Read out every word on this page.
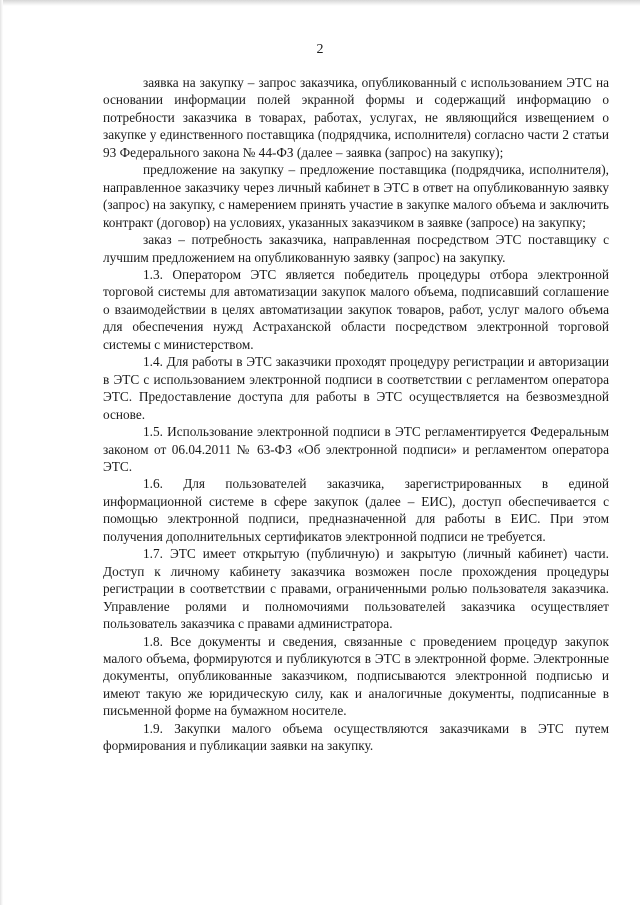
2

заявка на закупку – запрос заказчика, опубликованный с использованием ЭТС на основании информации полей экранной формы и содержащий информацию о потребности заказчика в товарах, работах, услугах, не являющийся извещением о закупке у единственного поставщика (подрядчика, исполнителя) согласно части 2 статьи 93 Федерального закона № 44-ФЗ (далее – заявка (запрос) на закупку);

предложение на закупку – предложение поставщика (подрядчика, исполнителя), направленное заказчику через личный кабинет в ЭТС в ответ на опубликованную заявку (запрос) на закупку, с намерением принять участие в закупке малого объема и заключить контракт (договор) на условиях, указанных заказчиком в заявке (запросе) на закупку;

заказ – потребность заказчика, направленная посредством ЭТС поставщику с лучшим предложением на опубликованную заявку (запрос) на закупку.

1.3. Оператором ЭТС является победитель процедуры отбора электронной торговой системы для автоматизации закупок малого объема, подписавший соглашение о взаимодействии в целях автоматизации закупок товаров, работ, услуг малого объема для обеспечения нужд Астраханской области посредством электронной торговой системы с министерством.

1.4. Для работы в ЭТС заказчики проходят процедуру регистрации и авторизации в ЭТС с использованием электронной подписи в соответствии с регламентом оператора ЭТС. Предоставление доступа для работы в ЭТС осуществляется на безвозмездной основе.

1.5. Использование электронной подписи в ЭТС регламентируется Федеральным законом от 06.04.2011 № 63-ФЗ «Об электронной подписи» и регламентом оператора ЭТС.

1.6. Для пользователей заказчика, зарегистрированных в единой информационной системе в сфере закупок (далее – ЕИС), доступ обеспечивается с помощью электронной подписи, предназначенной для работы в ЕИС. При этом получения дополнительных сертификатов электронной подписи не требуется.

1.7. ЭТС имеет открытую (публичную) и закрытую (личный кабинет) части. Доступ к личному кабинету заказчика возможен после прохождения процедуры регистрации в соответствии с правами, ограниченными ролью пользователя заказчика. Управление ролями и полномочиями пользователей заказчика осуществляет пользователь заказчика с правами администратора.

1.8. Все документы и сведения, связанные с проведением процедур закупок малого объема, формируются и публикуются в ЭТС в электронной форме. Электронные документы, опубликованные заказчиком, подписываются электронной подписью и имеют такую же юридическую силу, как и аналогичные документы, подписанные в письменной форме на бумажном носителе.

1.9. Закупки малого объема осуществляются заказчиками в ЭТС путем формирования и публикации заявки на закупку.
